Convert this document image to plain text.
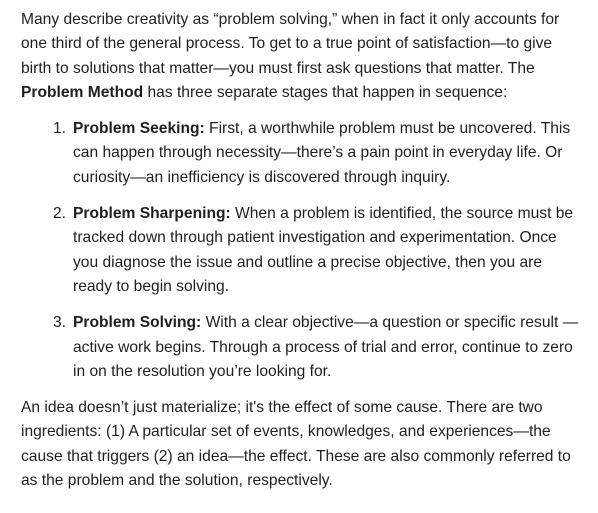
Many describe creativity as “problem solving,” when in fact it only accounts for one third of the general process. To get to a true point of satisfaction—to give birth to solutions that matter—you must first ask questions that matter. The Problem Method has three separate stages that happen in sequence:

1. Problem Seeking: First, a worthwhile problem must be uncovered. This can happen through necessity—there’s a pain point in everyday life. Or curiosity—an inefficiency is discovered through inquiry.
2. Problem Sharpening: When a problem is identified, the source must be tracked down through patient investigation and experimentation. Once you diagnose the issue and outline a precise objective, then you are ready to begin solving.
3. Problem Solving: With a clear objective—a question or specific result — active work begins. Through a process of trial and error, continue to zero in on the resolution you’re looking for.

An idea doesn’t just materialize; it's the effect of some cause. There are two ingredients: (1) A particular set of events, knowledges, and experiences—the cause that triggers (2) an idea—the effect. These are also commonly referred to as the problem and the solution, respectively.
